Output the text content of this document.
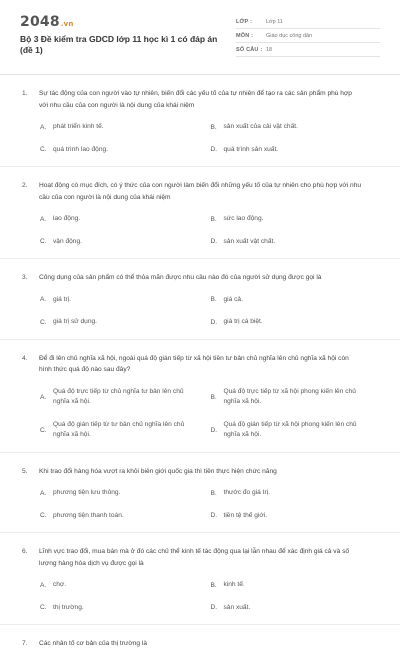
2048 .vn
Bộ 3 Đề kiểm tra GDCD lớp 11 học kì 1 có đáp án (đề 1)
LỚP :	Lớp 11
MÔN :	Giáo dục công dân
SỐ CÂU : 18
1.	Sự tác động của con người vào tự nhiên, biến đổi các yếu tố của tự nhiên để tạo ra các sản phẩm phù hợp với nhu cầu của con người là nội dung của khái niệm
A.	phát triển kinh tế.	B.	sản xuất của cải vật chất.
C. quá trình lao động.	D. quá trình sản xuất.
2.	Hoạt động có mục đích, có ý thức của con người làm biến đổi những yếu tố của tự nhiên cho phù hợp với nhu cầu của con người là nội dung của khái niệm
A.	lao động.	B.	sức lao động.
C. vận động.	D. sản xuất vật chất.
3.	Công dụng của sản phẩm có thể thỏa mãn được nhu cầu nào đó của người sử dụng được gọi là
A.	giá trị.	B.	giá cả.
C. giá trị sử dụng.	D. giá trị cá biệt.
4.	Để đi lên chủ nghĩa xã hội, ngoài quá độ gián tiếp từ xã hội tiền tư bản chủ nghĩa lên chủ nghĩa xã hội còn hình thức quá độ nào sau đây?
A.
Quá độ trực tiếp từ chủ nghĩa tư bản lên chủ nghĩa xã hội.
B.
Quá độ trực tiếp từ xã hội phong kiến lên chủ nghĩa xã hội.
C.
Quá độ gián tiếp từ tư bản chủ nghĩa lên chủ nghĩa xã hội.
D.
Quá độ gián tiếp từ xã hội phong kiến lên chủ nghĩa xã hội.
5.	Khi trao đổi hàng hóa vượt ra khỏi biên giới quốc gia thì tiền thực hiện chức năng
A.	phương tiện lưu thông.	B.	thước đo giá trị.
C. phương tiện thanh toán.	D. tiền tệ thế giới.
6.	Lĩnh vực trao đổi, mua bán mà ở đó các chủ thể kinh tế tác động qua lại lẫn nhau để xác định giá cả và số lượng hàng hóa dịch vụ được gọi là
A.	chợ.	B.	kinh tế.
C. thị trường.	D. sản xuất.
7.	Các nhân tố cơ bản của thị trường là
